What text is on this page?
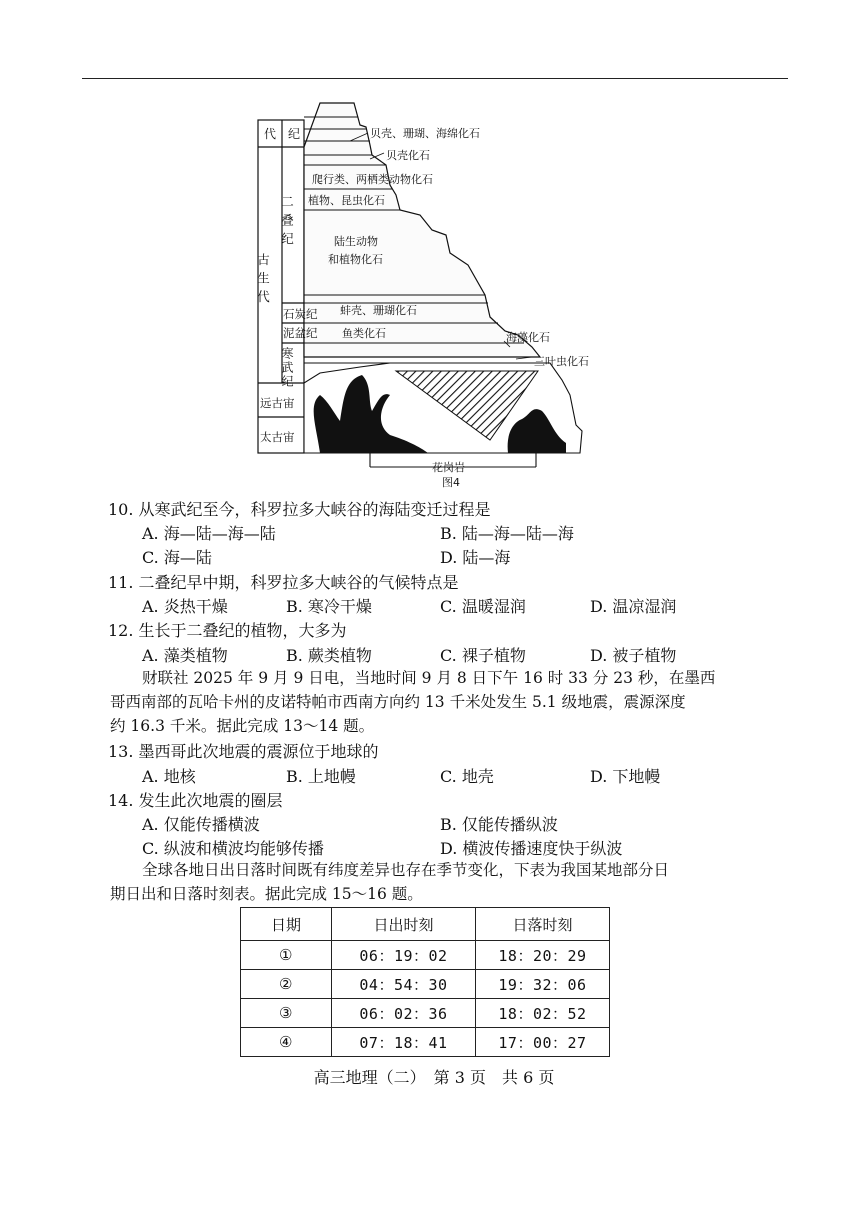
代 纪
古生代
二叠纪
石炭纪
泥盆纪
寒武纪
远古宙
太古宙
贝壳、珊瑚、海绵化石
贝壳化石
爬行类、两栖类动物化石
植物、昆虫化石
陆生动物
和植物化石
蚌壳、珊瑚化石
鱼类化石	海藻化石
三叶虫化石
花岗岩
图4
10. 从寒武纪至今，科罗拉多大峡谷的海陆变迁过程是
A. 海—陆—海—陆	B. 陆—海—陆—海
C. 海—陆	D. 陆—海
11. 二叠纪早中期，科罗拉多大峡谷的气候特点是
A. 炎热干燥	B. 寒冷干燥	C. 温暖湿润	D. 温凉湿润
12. 生长于二叠纪的植物，大多为
A. 藻类植物	B. 蕨类植物	C. 裸子植物	D. 被子植物
财联社 2025 年 9 月 9 日电，当地时间 9 月 8 日下午 16 时 33 分 23 秒，在墨西
哥西南部的瓦哈卡州的皮诺特帕市西南方向约 13 千米处发生 5.1 级地震，震源深度
约 16.3 千米。据此完成 13～14 题。
13. 墨西哥此次地震的震源位于地球的
A. 地核	B. 上地幔	C. 地壳	D. 下地幔
14. 发生此次地震的圈层
A. 仅能传播横波	B. 仅能传播纵波
C. 纵波和横波均能够传播	D. 横波传播速度快于纵波
全球各地日出日落时间既有纬度差异也存在季节变化，下表为我国某地部分日
期日出和日落时刻表。据此完成 15～16 题。
日期	日出时刻	日落时刻
①	06：19：02	18：20：29
②	04：54：30	19：32：06
③	06：02：36	18：02：52
④	07：18：41	17：00：27
高三地理（二）　第 3 页　共 6 页
